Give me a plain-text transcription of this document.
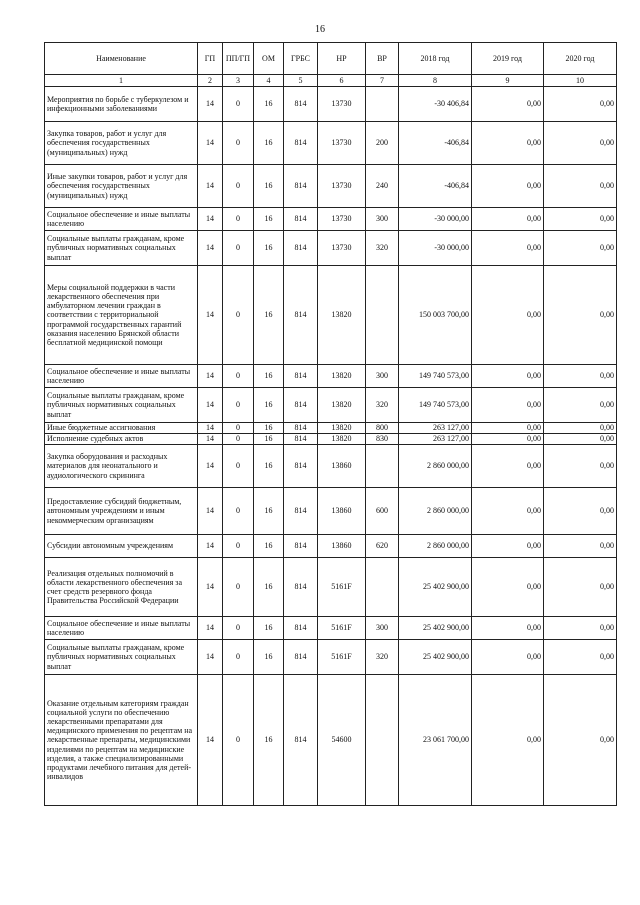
16
Наименование	ГП	ПП/ГП	ОМ	ГРБС	НР	ВР	2018 год	2019 год	2020 год
1	2	3	4	5	6	7	8	9	10
Мероприятия по борьбе с туберкулезом и инфекционными заболеваниями	14	0	16	814	13730		-30 406,84	0,00	0,00
Закупка товаров, работ и услуг для обеспечения государственных (муниципальных) нужд	14	0	16	814	13730	200	-406,84	0,00	0,00
Иные закупки товаров, работ и услуг для обеспечения государственных (муниципальных) нужд	14	0	16	814	13730	240	-406,84	0,00	0,00
Социальное обеспечение и иные выплаты населению	14	0	16	814	13730	300	-30 000,00	0,00	0,00
Социальные выплаты гражданам, кроме публичных нормативных социальных выплат	14	0	16	814	13730	320	-30 000,00	0,00	0,00
Меры социальной поддержки в части лекарственного обеспечения при амбулаторном лечении граждан в соответствии с территориальной программой государственных гарантий оказания населению Брянской области бесплатной медицинской помощи	14	0	16	814	13820		150 003 700,00	0,00	0,00
Социальное обеспечение и иные выплаты населению	14	0	16	814	13820	300	149 740 573,00	0,00	0,00
Социальные выплаты гражданам, кроме публичных нормативных социальных выплат	14	0	16	814	13820	320	149 740 573,00	0,00	0,00
Иные бюджетные ассигнования	14	0	16	814	13820	800	263 127,00	0,00	0,00
Исполнение судебных актов	14	0	16	814	13820	830	263 127,00	0,00	0,00
Закупка оборудования и расходных материалов для неонатального и аудиологического скрининга	14	0	16	814	13860		2 860 000,00	0,00	0,00
Предоставление субсидий бюджетным, автономным учреждениям и иным некоммерческим организациям	14	0	16	814	13860	600	2 860 000,00	0,00	0,00
Субсидии автономным учреждениям	14	0	16	814	13860	620	2 860 000,00	0,00	0,00
Реализация отдельных полномочий в области лекарственного обеспечения за счет средств резервного фонда Правительства Российской Федерации	14	0	16	814	5161F		25 402 900,00	0,00	0,00
Социальное обеспечение и иные выплаты населению	14	0	16	814	5161F	300	25 402 900,00	0,00	0,00
Социальные выплаты гражданам, кроме публичных нормативных социальных выплат	14	0	16	814	5161F	320	25 402 900,00	0,00	0,00
Оказание отдельным категориям граждан социальной услуги по обеспечению лекарственными препаратами для медицинского применения по рецептам на лекарственные препараты, медицинскими изделиями по рецептам на медицинские изделия, а также специализированными продуктами лечебного питания для детей-инвалидов	14	0	16	814	54600		23 061 700,00	0,00	0,00
